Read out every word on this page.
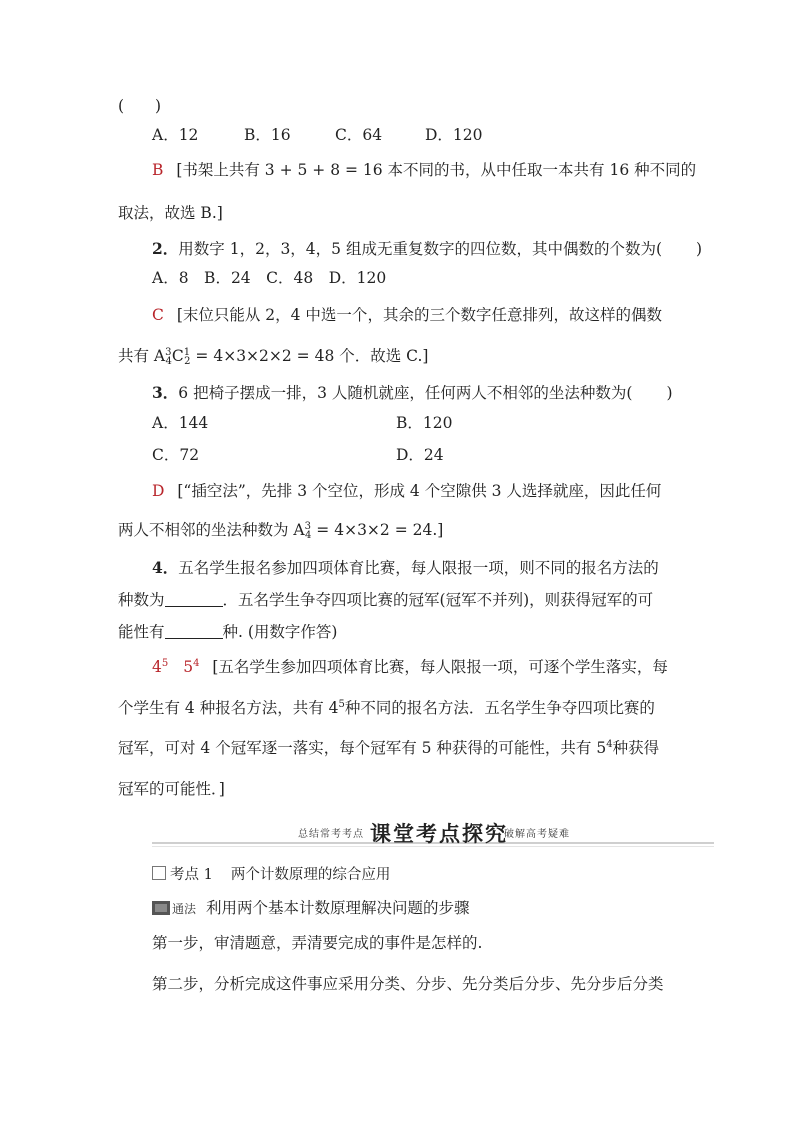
(　　)
A．12	B．16	C．64	D．120
B [书架上共有 3 + 5 + 8 = 16 本不同的书，从中任取一本共有 16 种不同的
取法，故选 B.]
2．用数字 1，2，3，4，5 组成无重复数字的四位数，其中偶数的个数为( )
A．8　B．24　C．48　D．120
C [末位只能从 2，4 中选一个，其余的三个数字任意排列，故这样的偶数
共有 $A^3_4C^1_2 = 4\times 3\times 2\times 2 = 48$ 个．故选 C.]
3．6 把椅子摆成一排，3 人随机就座，任何两人不相邻的坐法种数为( )
A．144	B．120
C．72	D．24
D [“插空法”，先排 3 个空位，形成 4 个空隙供 3 人选择就座，因此任何
两人不相邻的坐法种数为 $A^3_4 = 4\times 3\times 2 = 24$.]
4．五名学生报名参加四项体育比赛，每人限报一项，则不同的报名方法的
种数为	．五名学生争夺四项比赛的冠军(冠军不并列)，则获得冠军的可
能性有	种. (用数字作答)
$4^5$ $5^4$ [五名学生参加四项体育比赛，每人限报一项，可逐个学生落实，每
个学生有 4 种报名方法，共有 $4^5$种不同的报名方法．五名学生争夺四项比赛的
冠军，可对 4 个冠军逐一落实，每个冠军有 5 种获得的可能性，共有 $5^4$种获得
冠军的可能性．]
总结常考考点 课堂考点探究
破解高考疑难
考点 1 两个计数原理的综合应用
通法 利用两个基本计数原理解决问题的步骤
第一步，审清题意，弄清要完成的事件是怎样的.
第二步，分析完成这件事应采用分类、分步、先分类后分步、先分步后分类
